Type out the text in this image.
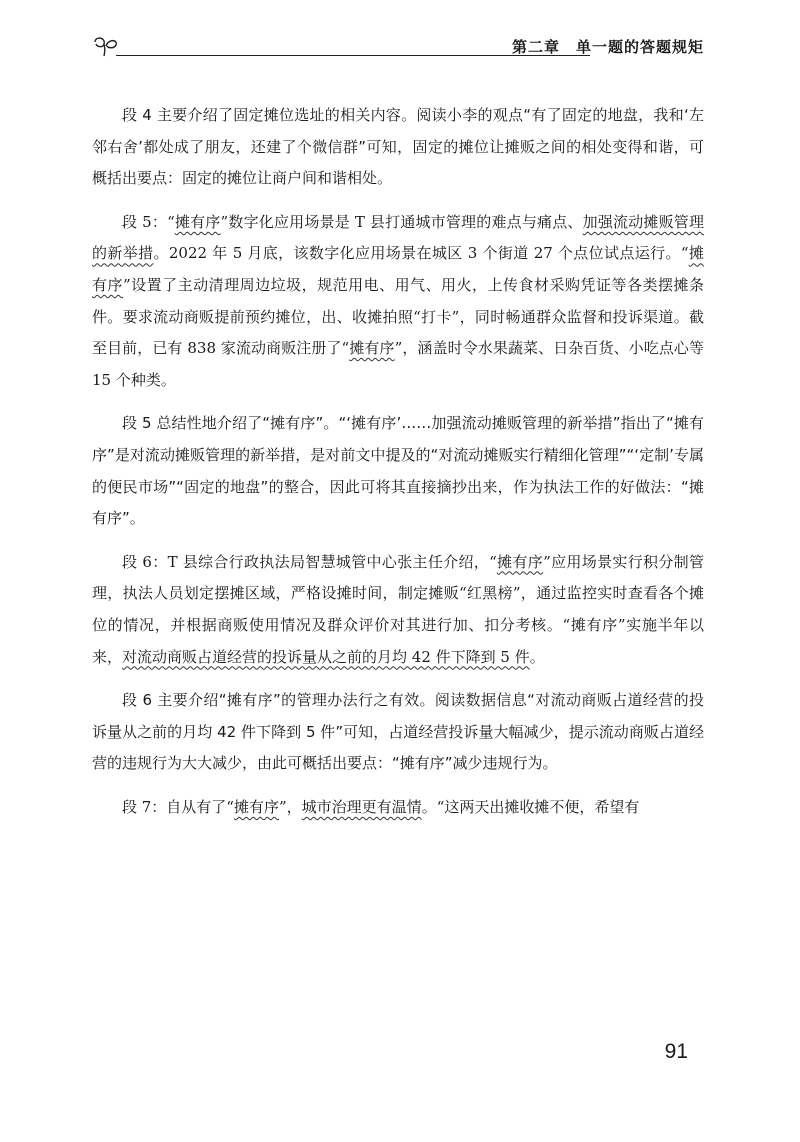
第二章　单一题的答题规矩

段 4 主要介绍了固定摊位选址的相关内容。阅读小李的观点“有了固定的地盘，我和‘左邻右舍’都处成了朋友，还建了个微信群”可知，固定的摊位让摊贩之间的相处变得和谐，可概括出要点：固定的摊位让商户间和谐相处。

段 5：“摊有序”数字化应用场景是 T 县打通城市管理的难点与痛点、加强流动摊贩管理的新举措。2022 年 5 月底，该数字化应用场景在城区 3 个街道 27 个点位试点运行。“摊有序”设置了主动清理周边垃圾，规范用电、用气、用火，上传食材采购凭证等各类摆摊条件。要求流动商贩提前预约摊位，出、收摊拍照“打卡”，同时畅通群众监督和投诉渠道。截至目前，已有 838 家流动商贩注册了“摊有序”，涵盖时令水果蔬菜、日杂百货、小吃点心等 15 个种类。

段 5 总结性地介绍了“摊有序”。“‘摊有序’……加强流动摊贩管理的新举措”指出了“摊有序”是对流动摊贩管理的新举措，是对前文中提及的“对流动摊贩实行精细化管理”“‘定制’专属的便民市场”“固定的地盘”的整合，因此可将其直接摘抄出来，作为执法工作的好做法：“摊有序”。

段 6：T 县综合行政执法局智慧城管中心张主任介绍，“摊有序”应用场景实行积分制管理，执法人员划定摆摊区域，严格设摊时间，制定摊贩“红黑榜”，通过监控实时查看各个摊位的情况，并根据商贩使用情况及群众评价对其进行加、扣分考核。“摊有序”实施半年以来，对流动商贩占道经营的投诉量从之前的月均 42 件下降到 5 件。

段 6 主要介绍“摊有序”的管理办法行之有效。阅读数据信息“对流动商贩占道经营的投诉量从之前的月均 42 件下降到 5 件”可知，占道经营投诉量大幅减少，提示流动商贩占道经营的违规行为大大减少，由此可概括出要点：“摊有序”减少违规行为。

段 7：自从有了“摊有序”，城市治理更有温情。“这两天出摊收摊不便，希望有

91
